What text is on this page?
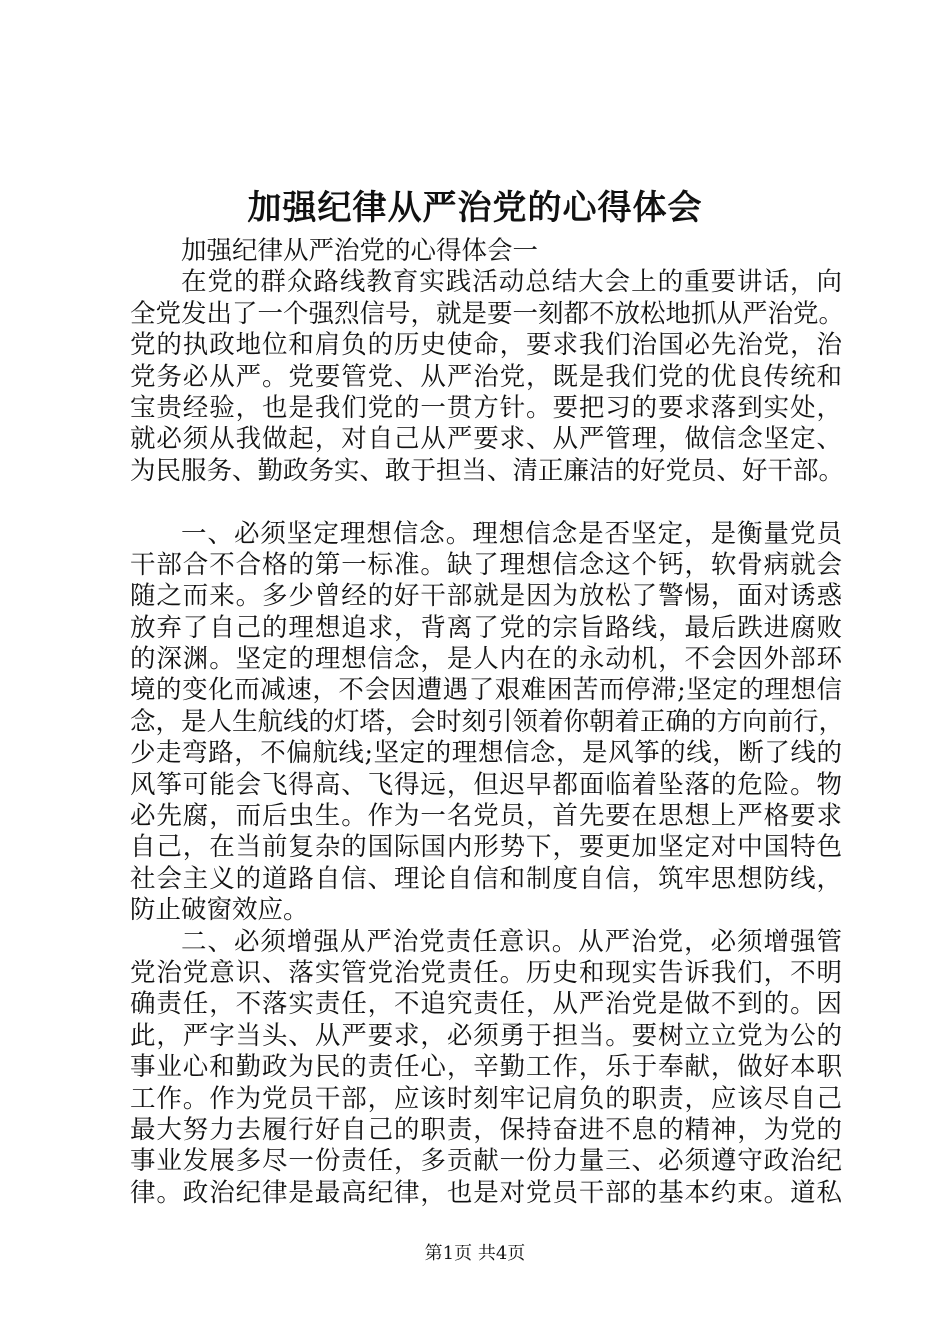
加强纪律从严治党的心得体会
加强纪律从严治党的心得体会一
在党的群众路线教育实践活动总结大会上的重要讲话，向
全党发出了一个强烈信号，就是要一刻都不放松地抓从严治党。
党的执政地位和肩负的历史使命，要求我们治国必先治党，治
党务必从严。党要管党、从严治党，既是我们党的优良传统和
宝贵经验，也是我们党的一贯方针。要把习的要求落到实处，
就必须从我做起，对自己从严要求、从严管理，做信念坚定、
为民服务、勤政务实、敢于担当、清正廉洁的好党员、好干部。
一、必须坚定理想信念。理想信念是否坚定，是衡量党员
干部合不合格的第一标准。缺了理想信念这个钙，软骨病就会
随之而来。多少曾经的好干部就是因为放松了警惕，面对诱惑
放弃了自己的理想追求，背离了党的宗旨路线，最后跌进腐败
的深渊。坚定的理想信念，是人内在的永动机，不会因外部环
境的变化而减速，不会因遭遇了艰难困苦而停滞;坚定的理想信
念，是人生航线的灯塔，会时刻引领着你朝着正确的方向前行，
少走弯路，不偏航线;坚定的理想信念，是风筝的线，断了线的
风筝可能会飞得高、飞得远，但迟早都面临着坠落的危险。物
必先腐，而后虫生。作为一名党员，首先要在思想上严格要求
自己，在当前复杂的国际国内形势下，要更加坚定对中国特色
社会主义的道路自信、理论自信和制度自信，筑牢思想防线，
防止破窗效应。
二、必须增强从严治党责任意识。从严治党，必须增强管
党治党意识、落实管党治党责任。历史和现实告诉我们，不明
确责任，不落实责任，不追究责任，从严治党是做不到的。因
此，严字当头、从严要求，必须勇于担当。要树立立党为公的
事业心和勤政为民的责任心，辛勤工作，乐于奉献，做好本职
工作。作为党员干部，应该时刻牢记肩负的职责，应该尽自己
最大努力去履行好自己的职责，保持奋进不息的精神，为党的
事业发展多尽一份责任，多贡献一份力量三、必须遵守政治纪
律。政治纪律是最高纪律，也是对党员干部的基本约束。道私
第1页 共4页
